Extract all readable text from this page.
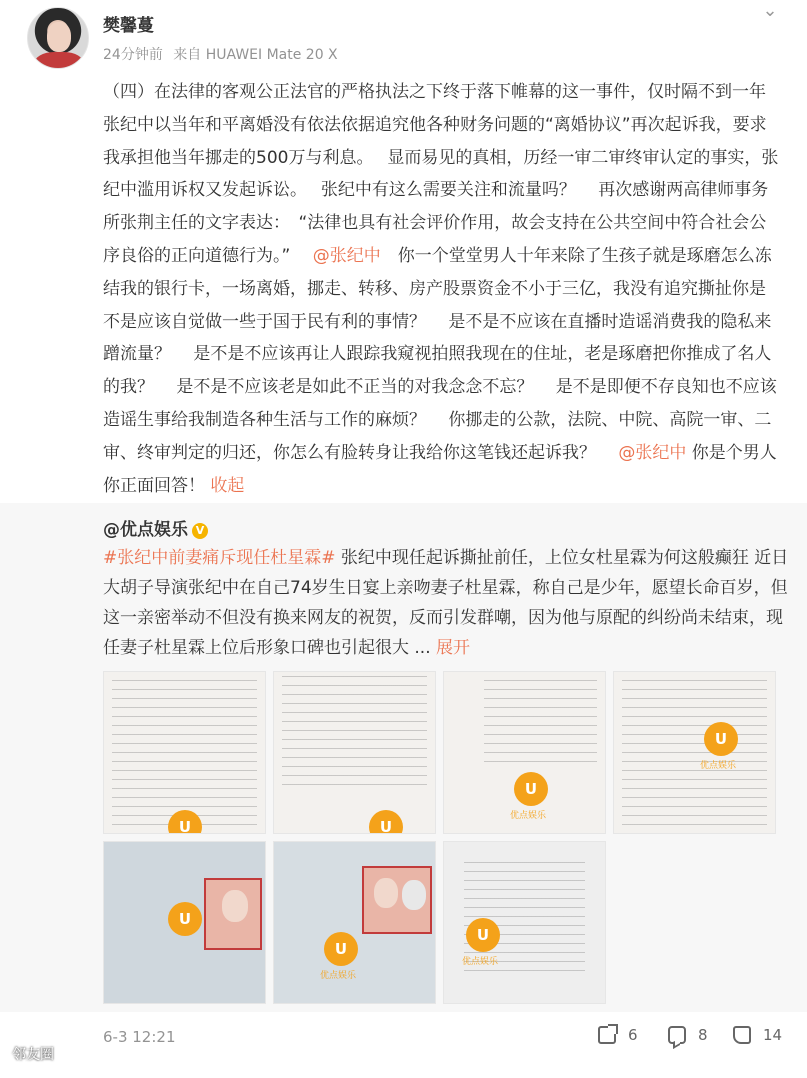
樊馨蔓
24分钟前 来自 HUAWEI Mate 20 X
⌄
（四）在法律的客观公正法官的严格执法之下终于落下帷幕的这一事件，仅时隔不到一年张纪中以当年和平离婚没有依法依据追究他各种财务问题的“离婚协议”再次起诉我，要求我承担他当年挪走的500万与利息。　 显而易见的真相，历经一审二审终审认定的事实，张纪中滥用诉权又发起诉讼。　 张纪中有这么需要关注和流量吗？　 再次感谢两高律师事务所张荆主任的文字表达：　“法律也具有社会评价作用，故会支持在公共空间中符合社会公序良俗的正向道德行为。”　 @张纪中　你一个堂堂男人十年来除了生孩子就是琢磨怎么冻结我的银行卡，一场离婚，挪走、转移、房产股票资金不小于三亿，我没有追究撕扯你是不是应该自觉做一些于国于民有利的事情？　 是不是不应该在直播时造谣消费我的隐私来蹭流量？　 是不是不应该再让人跟踪我窥视拍照我现在的住址，老是琢磨把你推成了名人的我？　 是不是不应该老是如此不正当的对我念念不忘？　 是不是即便不存良知也不应该造谣生事给我制造各种生活与工作的麻烦？　 你挪走的公款，法院、中院、高院一审、二审、终审判定的归还，你怎么有脸转身让我给你这笔钱还起诉我？　 @张纪中 你是个男人你正面回答！ 收起
@优点娱乐 V
#张纪中前妻痛斥现任杜星霖# 张纪中现任起诉撕扯前任，上位女杜星霖为何这般癫狂 近日大胡子导演张纪中在自己74岁生日宴上亲吻妻子杜星霖，称自己是少年，愿望长命百岁，但这一亲密举动不但没有换来网友的祝贺，反而引发群嘲，因为他与原配的纠纷尚未结束，现任妻子杜星霖上位后形象口碑也引起很大 ... 展开
U	U
U
优点娱乐
U
优点娱乐
U
U
优点娱乐
U
优点娱乐
6-3 12:21	6	8	14
邻友圈
